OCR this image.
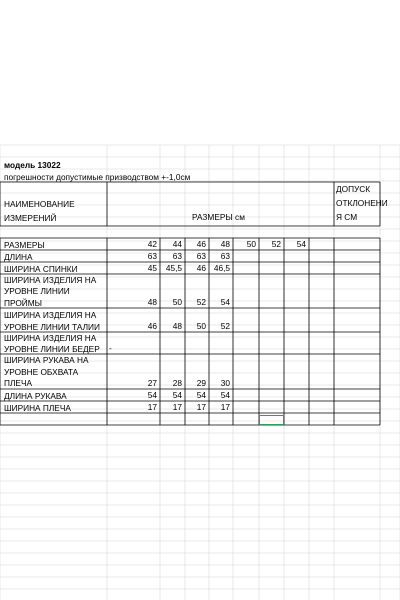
модель 13022
погрешности допустимые призводством +-1,0см
НАИМЕНОВАНИЕ
ИЗМЕРЕНИЙ	РАЗМЕРЫ см
ДОПУСК
ОТКЛОНЕНИ
Я СМ
РАЗМЕРЫ	42	44	46	48	50	52	54
ДЛИНА	63	63	63	63
ШИРИНА СПИНКИ	45	45,5	46 46,5
ШИРИНА ИЗДЕЛИЯ НА
УРОВНЕ ЛИНИИ
ПРОЙМЫ	48	50	52	54
ШИРИНА ИЗДЕЛИЯ НА
УРОВНЕ ЛИНИИ ТАЛИИ	46	48	50	52
ШИРИНА ИЗДЕЛИЯ НА
УРОВНЕ ЛИНИИ БЕДЕР -
ШИРИНА РУКАВА НА
УРОВНЕ ОБХВАТА
ПЛЕЧА	27	28	29	30
ДЛИНА РУКАВА	54	54	54	54
ШИРИНА ПЛЕЧА	17	17	17	17
